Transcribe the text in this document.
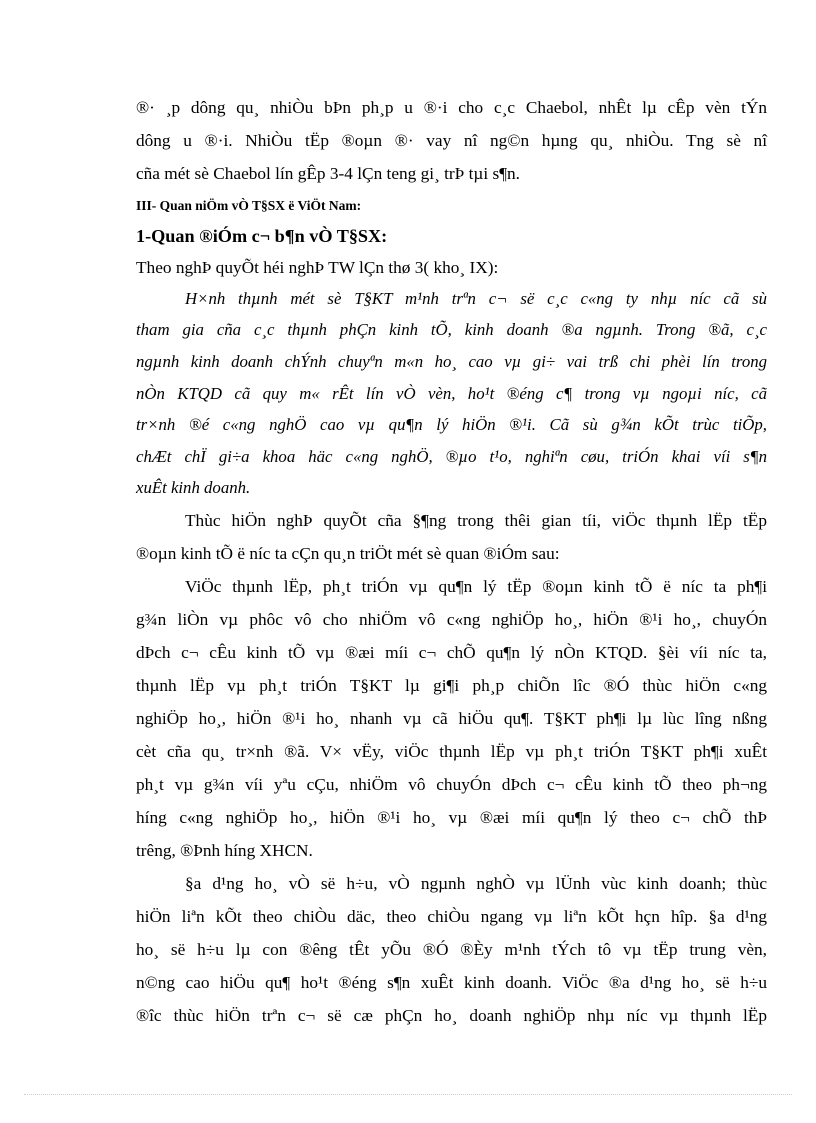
®· ¸p dông qu¸ nhiÒu bÞn ph¸p u ®·i cho c¸c Chaebol, nhÊt lµ cÊp vèn tÝn
dông u ®·i. NhiÒu tËp ®oµn ®· vay nî ng©n hµng qu¸ nhiÒu. Tng sè nî
cña mét sè Chaebol lín gÊp 3-4 lÇn teng gi¸ trÞ tµi s¶n.
III- Quan niÖm vÒ T§SX ë ViÖt Nam:
1-Quan ®iÓm c¬ b¶n vÒ T§SX:
Theo nghÞ quyÕt héi nghÞ TW lÇn thø 3( kho¸ IX):
H×nh thµnh mét sè T§KT m¹nh trªn c¬ së c¸c c«ng ty nhµ níc cã sù
tham gia cña c¸c thµnh phÇn kinh tÕ, kinh doanh ®a ngµnh. Trong ®ã, c¸c
ngµnh kinh doanh chÝnh chuyªn m«n ho¸ cao vµ gi÷ vai trß chi phèi lín trong
nÒn KTQD cã quy m« rÊt lín vÒ vèn, ho¹t ®éng c¶ trong vµ ngoµi níc, cã
tr×nh ®é c«ng nghÖ cao vµ qu¶n lý hiÖn ®¹i. Cã sù g¾n kÕt trùc tiÕp,
chÆt chÏ gi÷a khoa häc c«ng nghÖ, ®µo t¹o, nghiªn cøu, triÓn khai víi s¶n
xuÊt kinh doanh.
Thùc hiÖn nghÞ quyÕt cña §¶ng trong thêi gian tíi, viÖc thµnh lËp tËp
®oµn kinh tÕ ë níc ta cÇn qu¸n triÖt mét sè quan ®iÓm sau:
ViÖc thµnh lËp, ph¸t triÓn vµ qu¶n lý tËp ®oµn kinh tÕ ë níc ta ph¶i
g¾n liÒn vµ phôc vô cho nhiÖm vô c«ng nghiÖp ho¸, hiÖn ®¹i ho¸, chuyÓn
dÞch c¬ cÊu kinh tÕ vµ ®æi míi c¬ chÕ qu¶n lý nÒn KTQD. §èi víi níc ta,
thµnh lËp vµ ph¸t triÓn T§KT lµ gi¶i ph¸p chiÕn lîc ®Ó thùc hiÖn c«ng
nghiÖp ho¸, hiÖn ®¹i ho¸ nhanh vµ cã hiÖu qu¶. T§KT ph¶i lµ lùc lîng nßng
cèt cña qu¸ tr×nh ®ã. V× vËy, viÖc thµnh lËp vµ ph¸t triÓn T§KT ph¶i xuÊt
ph¸t vµ g¾n víi yªu cÇu, nhiÖm vô chuyÓn dÞch c¬ cÊu kinh tÕ theo ph¬ng
híng c«ng nghiÖp ho¸, hiÖn ®¹i ho¸ vµ ®æi míi qu¶n lý theo c¬ chÕ thÞ
trêng, ®Þnh híng XHCN.
§a d¹ng ho¸ vÒ së h÷u, vÒ ngµnh nghÒ vµ lÜnh vùc kinh doanh; thùc
hiÖn liªn kÕt theo chiÒu däc, theo chiÒu ngang vµ liªn kÕt hçn hîp. §a d¹ng
ho¸ së h÷u lµ con ®êng tÊt yÕu ®Ó ®Èy m¹nh tÝch tô vµ tËp trung vèn,
n©ng cao hiÖu qu¶ ho¹t ®éng s¶n xuÊt kinh doanh. ViÖc ®a d¹ng ho¸ së h÷u
®îc thùc hiÖn trªn c¬ së cæ phÇn ho¸ doanh nghiÖp nhµ níc vµ thµnh lËp
